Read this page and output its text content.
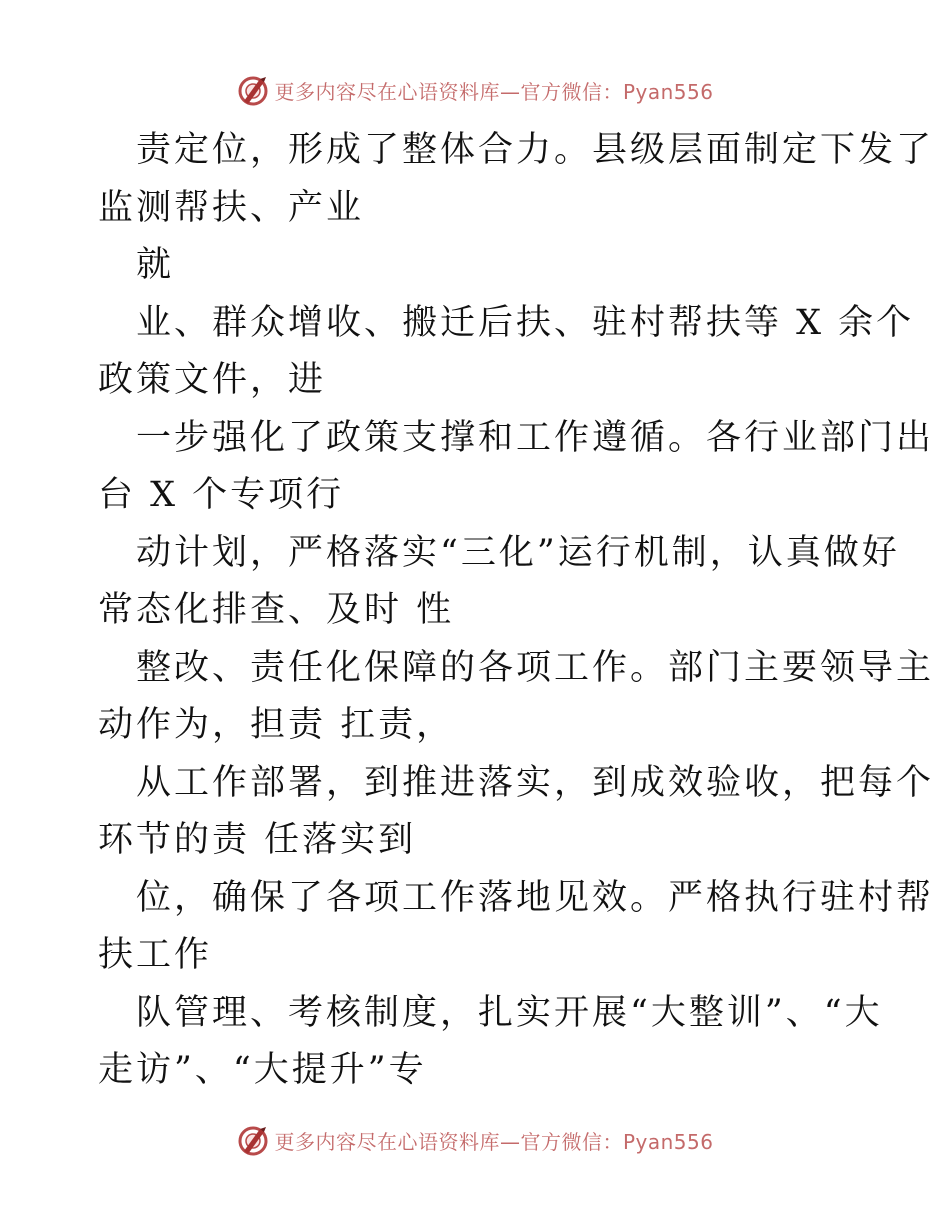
更多内容尽在心语资料库—官方微信：Pyan556
责定位，形成了整体合力。县级层面制定下发了
监测帮扶、产业
就
业、群众增收、搬迁后扶、驻村帮扶等 X 余个
政策文件，进
一步强化了政策支撑和工作遵循。各行业部门出
台 X 个专项行
动计划，严格落实“三化”运行机制，认真做好
常态化排查、及时 性
整改、责任化保障的各项工作。部门主要领导主
动作为，担责 扛责，
从工作部署，到推进落实，到成效验收，把每个
环节的责 任落实到
位，确保了各项工作落地见效。严格执行驻村帮
扶工作
队管理、考核制度，扎实开展“大整训”、“大
走访”、“大提升”专
更多内容尽在心语资料库—官方微信：Pyan556
